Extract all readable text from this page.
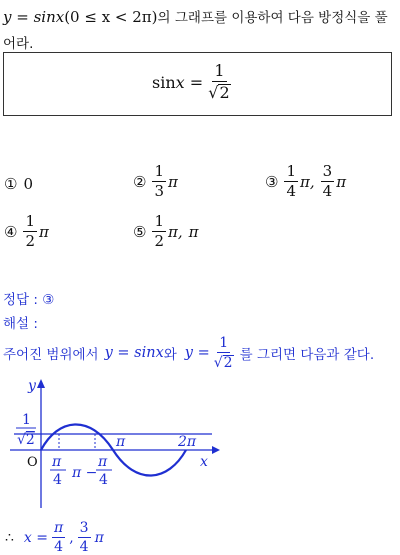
y = sinx(0 ≤ x < 2π)의 그래프를 이용하여 다음 방정식을 풀
어라.
$\sin x = \frac{1}{√ 2}$
① 0	② $\frac{1}{3}$ π	③ $\frac{1}{4} \pi$, $\frac{3}{4}$ π
④ $\frac{1}{2}$ π	⑤ $\frac{1}{2} \pi$, π
정답 : ③
해설 :
주어진 범위에서 y = sinx 와 $y = \frac{1}{√ 2}$ 를 그리면 다음과 같다.
y
x
π	2π
1
√2
π
4 π −
π
4
O
∴ $x = \frac{\pi}{4}$ , $\frac{3}{4}$ π
